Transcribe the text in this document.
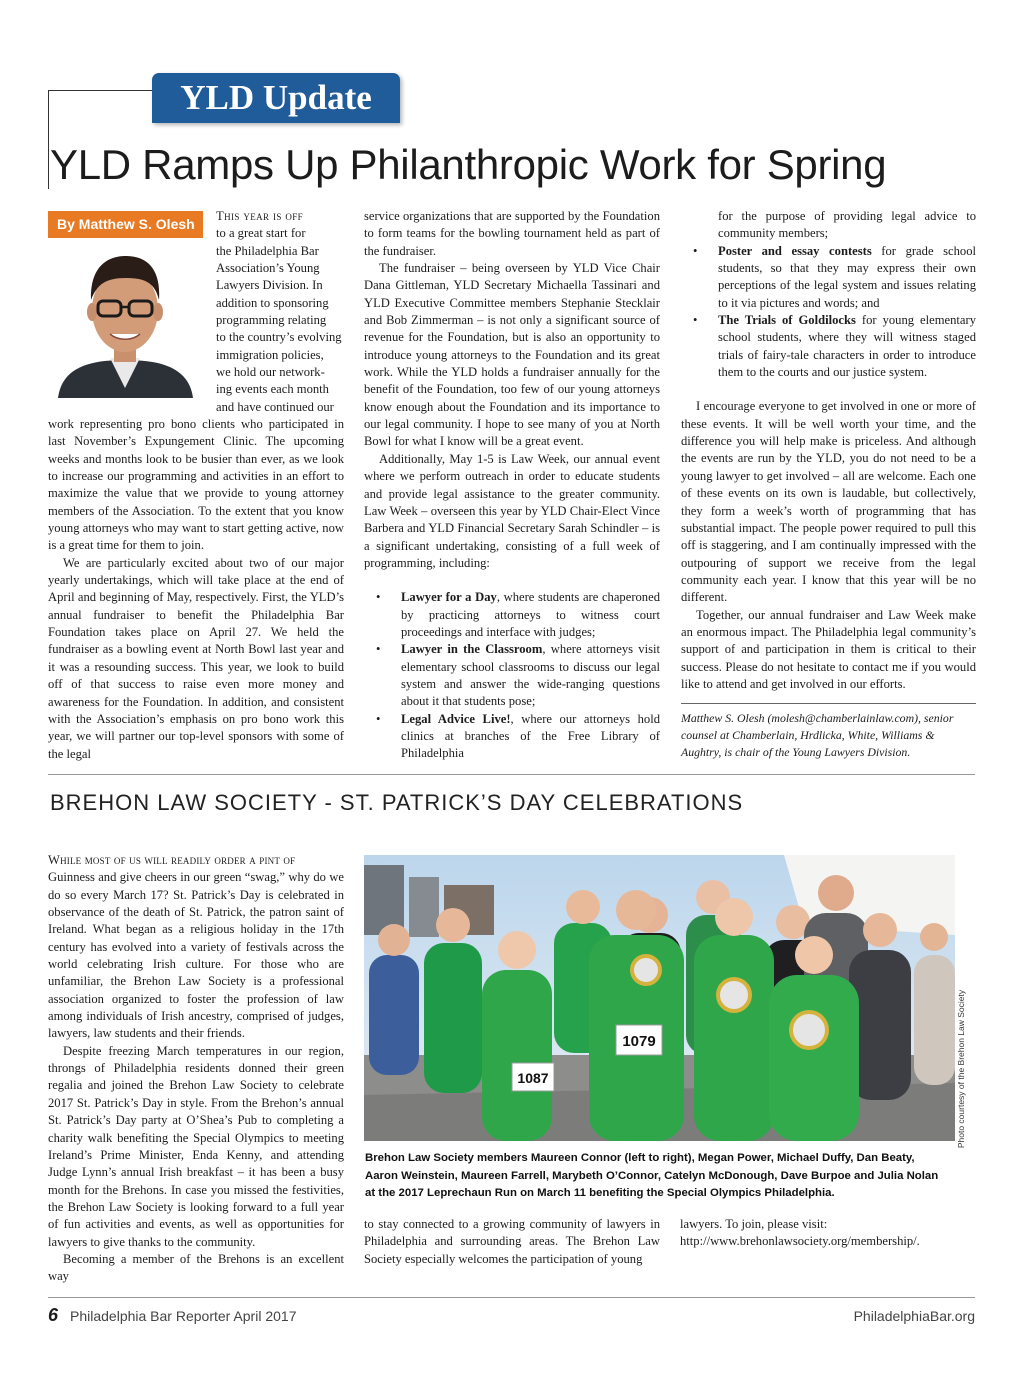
YLD Update
YLD Ramps Up Philanthropic Work for Spring
By Matthew S. Olesh	This year is off
to a great start for
the Philadelphia Bar
Association’s Young
Lawyers Division. In
addition to sponsoring
programming relating
to the country’s evolving
immigration policies,
we hold our network-
ing events each month
and have continued our

work representing pro bono clients who participated in last November’s Expungement Clinic. The upcoming weeks and months look to be busier than ever, as we look to increase our programming and activities in an effort to maximize the value that we provide to young attorney members of the Association. To the extent that you know young attorneys who may want to start getting active, now is a great time for them to join.

We are particularly excited about two of our major yearly undertakings, which will take place at the end of April and beginning of May, respectively. First, the YLD’s annual fundraiser to benefit the Philadelphia Bar Foundation takes place on April 27. We held the fundraiser as a bowling event at North Bowl last year and it was a resounding success. This year, we look to build off of that success to raise even more money and awareness for the Foundation. In addition, and consistent with the Association’s emphasis on pro bono work this year, we will partner our top-level sponsors with some of the legal

service organizations that are supported by the Foundation to form teams for the bowling tournament held as part of the fundraiser.

The fundraiser – being overseen by YLD Vice Chair Dana Gittleman, YLD Secretary Michaella Tassinari and YLD Executive Committee members Stephanie Stecklair and Bob Zimmerman – is not only a significant source of revenue for the Foundation, but is also an opportunity to introduce young attorneys to the Foundation and its great work. While the YLD holds a fundraiser annually for the benefit of the Foundation, too few of our young attorneys know enough about the Foundation and its importance to our legal community. I hope to see many of you at North Bowl for what I know will be a great event.

Additionally, May 1-5 is Law Week, our annual event where we perform outreach in order to educate students and provide legal assistance to the greater community. Law Week – overseen this year by YLD Chair-Elect Vince Barbera and YLD Financial Secretary Sarah Schindler – is a significant undertaking, consisting of a full week of programming, including:

• Lawyer for a Day, where students are chaperoned by practicing attorneys to witness court proceedings and interface with judges;
• Lawyer in the Classroom, where attorneys visit elementary school classrooms to discuss our legal system and answer the wide-ranging questions about it that students pose;
• Legal Advice Live!, where our attorneys hold clinics at branches of the Free Library of Philadelphia

for the purpose of providing legal advice to community members;

• Poster and essay contests for grade school students, so that they may express their own perceptions of the legal system and issues relating to it via pictures and words; and
• The Trials of Goldilocks for young elementary school students, where they will witness staged trials of fairy-tale characters in order to introduce them to the courts and our justice system.

I encourage everyone to get involved in one or more of these events. It will be well worth your time, and the difference you will help make is priceless. And although the events are run by the YLD, you do not need to be a young lawyer to get involved – all are welcome. Each one of these events on its own is laudable, but collectively, they form a week’s worth of programming that has substantial impact. The people power required to pull this off is staggering, and I am continually impressed with the outpouring of support we receive from the legal community each year. I know that this year will be no different.

Together, our annual fundraiser and Law Week make an enormous impact. The Philadelphia legal community’s support of and participation in them is critical to their success. Please do not hesitate to contact me if you would like to attend and get involved in our efforts.

Matthew S. Olesh (molesh@chamberlainlaw.com), senior counsel at Chamberlain, Hrdlicka, White, Williams & Aughtry, is chair of the Young Lawyers Division.

BREHON LAW SOCIETY - ST. PATRICK’S DAY CELEBRATIONS
While most of us will readily order a pint of

Guinness and give cheers in our green “swag,” why do we do so every March 17? St. Patrick’s Day is celebrated in observance of the death of St. Patrick, the patron saint of Ireland. What began as a religious holiday in the 17th century has evolved into a variety of festivals across the world celebrating Irish culture. For those who are unfamiliar, the Brehon Law Society is a professional association organized to foster the profession of law among individuals of Irish ancestry, comprised of judges, lawyers, law students and their friends.

Despite freezing March temperatures in our region, throngs of Philadelphia residents donned their green regalia and joined the Brehon Law Society to celebrate 2017 St. Patrick’s Day in style. From the Brehon’s annual St. Patrick’s Day party at O’Shea’s Pub to completing a charity walk benefiting the Special Olympics to meeting Ireland’s Prime Minister, Enda Kenny, and attending Judge Lynn’s annual Irish breakfast – it has been a busy month for the Brehons. In case you missed the festivities, the Brehon Law Society is looking forward to a full year of fun activities and events, as well as opportunities for lawyers to give thanks to the community.

Becoming a member of the Brehons is an excellent way

1087
1079	Photo courtesy of the Brehon Law Society
Brehon Law Society members Maureen Connor (left to right), Megan Power, Michael Duffy, Dan Beaty, Aaron Weinstein, Maureen Farrell, Marybeth O’Connor, Catelyn McDonough, Dave Burpoe and Julia Nolan at the 2017 Leprechaun Run on March 11 benefiting the Special Olympics Philadelphia.

to stay connected to a growing community of lawyers in Philadelphia and surrounding areas. The Brehon Law Society especially welcomes the participation of young

lawyers. To join, please visit: http://www.brehonlawsociety.org/membership/.

6 Philadelphia Bar Reporter April 2017	PhiladelphiaBar.org
